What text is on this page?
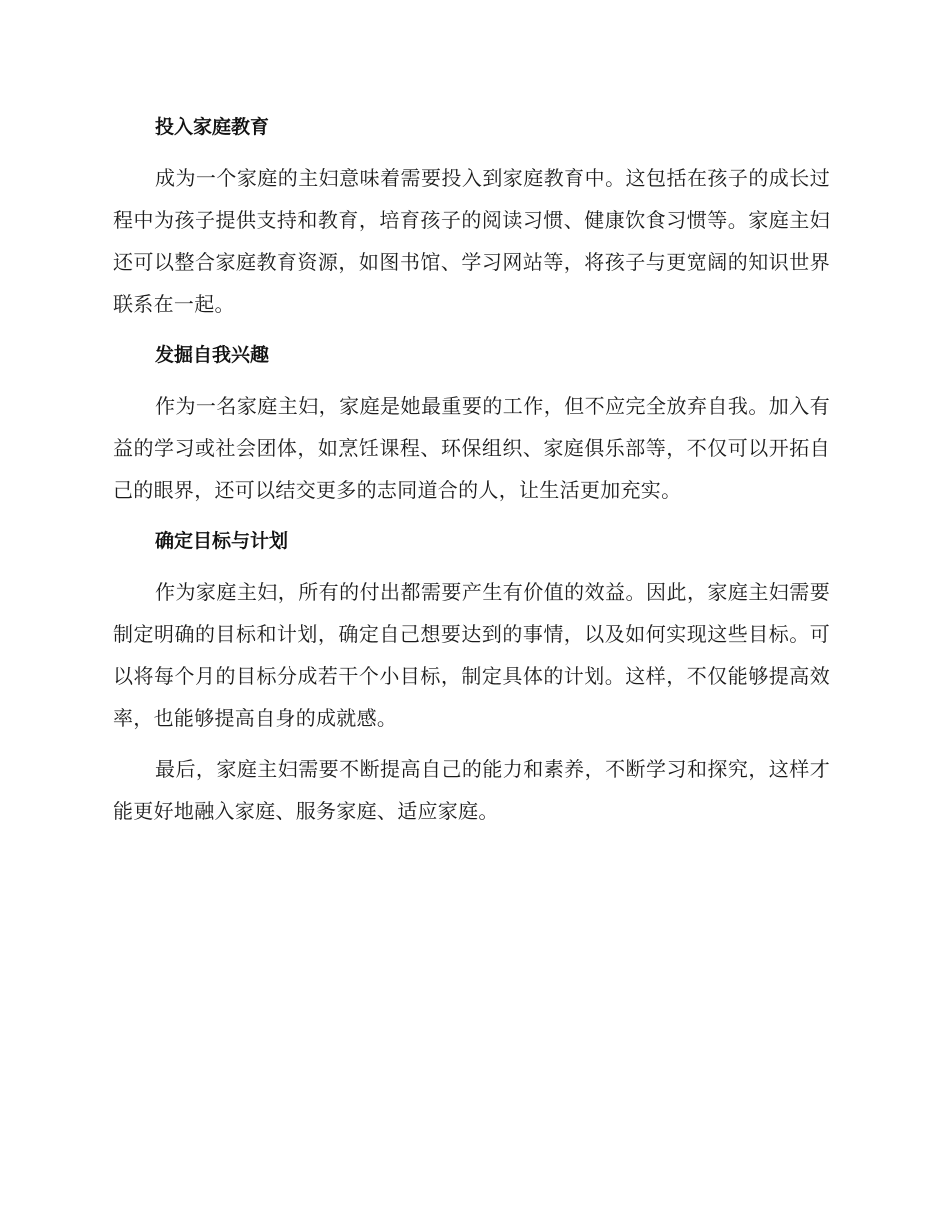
投入家庭教育

成为一个家庭的主妇意味着需要投入到家庭教育中。这包括在孩子的成长过程中为孩子提供支持和教育，培育孩子的阅读习惯、健康饮食习惯等。家庭主妇还可以整合家庭教育资源，如图书馆、学习网站等，将孩子与更宽阔的知识世界联系在一起。

发掘自我兴趣

作为一名家庭主妇，家庭是她最重要的工作，但不应完全放弃自我。加入有益的学习或社会团体，如烹饪课程、环保组织、家庭俱乐部等，不仅可以开拓自己的眼界，还可以结交更多的志同道合的人，让生活更加充实。

确定目标与计划

作为家庭主妇，所有的付出都需要产生有价值的效益。因此，家庭主妇需要制定明确的目标和计划，确定自己想要达到的事情，以及如何实现这些目标。可以将每个月的目标分成若干个小目标，制定具体的计划。这样，不仅能够提高效率，也能够提高自身的成就感。

最后，家庭主妇需要不断提高自己的能力和素养，不断学习和探究，这样才能更好地融入家庭、服务家庭、适应家庭。
